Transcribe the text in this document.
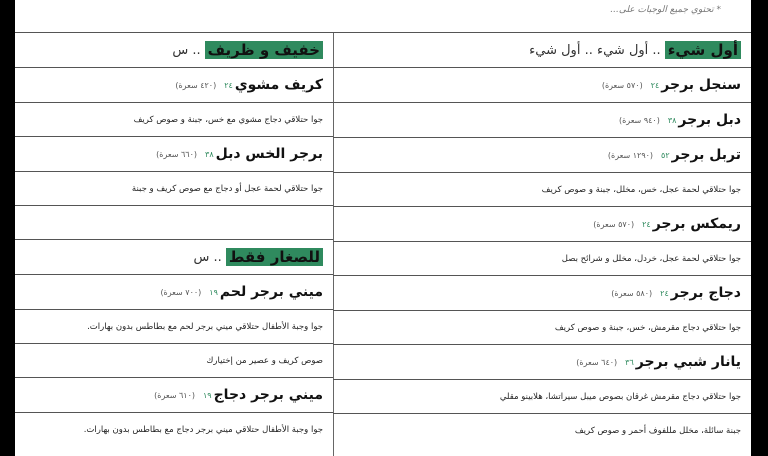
* تحتوي جميع الوجبات على...
خفيف و ظريف
.. س
كريف مشوي
٢٤
(٤٢٠ سعرة)
جوا حتلاقي دجاج مشوي مع خس، جبنة و صوص كريف
برجر الخس دبل
٣٨
(٦٦٠ سعرة)
جوا حتلاقي لحمة عجل أو دجاج مع صوص كريف و جبنة
للصغار فقط
.. س
ميني برجر لحم
١٩
(٧٠٠ سعرة)
جوا وجبة الأطفال حتلاقي ميني برجر لحم مع بطاطس بدون بهارات.
صوص كريف و عصير من إختيارك
ميني برجر دجاج
١٩
(٦١٠ سعرة)
جوا وجبة الأطفال حتلاقي ميني برجر دجاج مع بطاطس بدون بهارات.
أول شيء
.. أول شيء .. أول شيء
سنجل برجر
٢٤
(٥٧٠ سعرة)
دبل برجر
٣٨
(٩٤٠ سعرة)
تربل برجر
٥٢
(١٢٩٠ سعرة)
جوا حتلاقي لحمة عجل، خس، مخلل، جبنة و صوص كريف
ريمكس برجر
٢٤
(٥٧٠ سعرة)
جوا حتلاقي لحمة عجل، خردل، مخلل و شرائح بصل
دجاج برجر
٢٤
(٥٨٠ سعرة)
جوا حتلاقي دجاج مقرمش، خس، جبنة و صوص كريف
يانار شبي برجر
٣٦
(٦٤٠ سعرة)
جوا حتلاقي دجاج مقرمش غرقان بصوص ميبل سيراتشا، هلابينو مقلي
جبنة سائلة، مخلل مللفوف أحمر و صوص كريف
